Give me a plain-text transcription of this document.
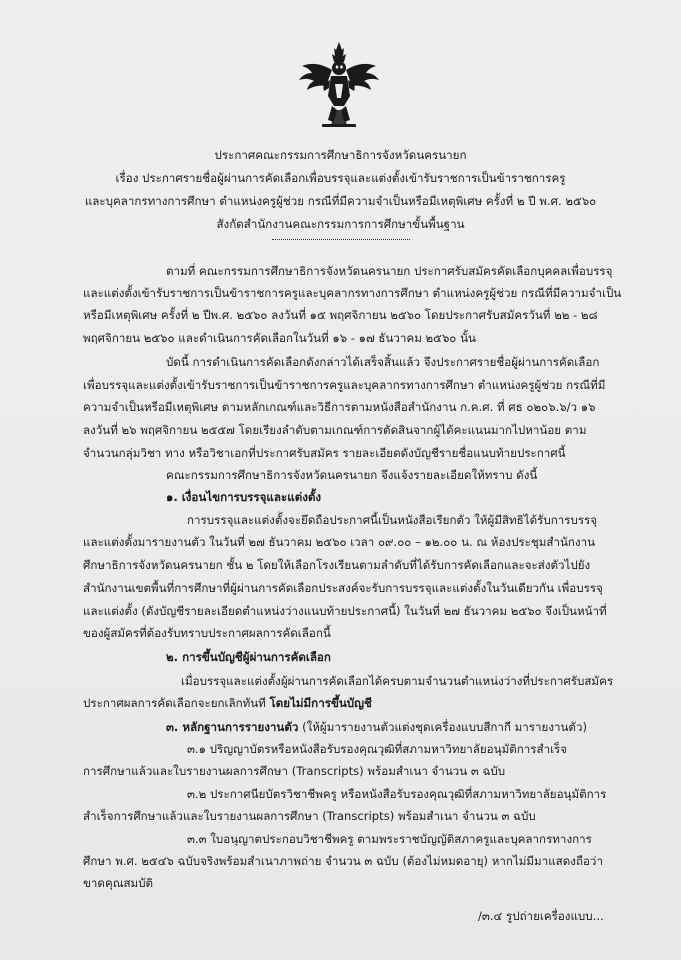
ประกาศคณะกรรมการศึกษาธิการจังหวัดนครนายก
เรื่อง ประกาศรายชื่อผู้ผ่านการคัดเลือกเพื่อบรรจุและแต่งตั้งเข้ารับราชการเป็นข้าราชการครู
และบุคลากรทางการศึกษา ตำแหน่งครูผู้ช่วย กรณีที่มีความจำเป็นหรือมีเหตุพิเศษ ครั้งที่ ๒ ปี พ.ศ. ๒๕๖๐
สังกัดสำนักงานคณะกรรมการการศึกษาขั้นพื้นฐาน
ตามที่ คณะกรรมการศึกษาธิการจังหวัดนครนายก ประกาศรับสมัครคัดเลือกบุคคลเพื่อบรรจุ
และแต่งตั้งเข้ารับราชการเป็นข้าราชการครูและบุคลากรทางการศึกษา ตำแหน่งครูผู้ช่วย กรณีที่มีความจำเป็น
หรือมีเหตุพิเศษ ครั้งที่ ๒ ปีพ.ศ. ๒๕๖๐ ลงวันที่ ๑๕ พฤศจิกายน ๒๕๖๐ โดยประกาศรับสมัครวันที่ ๒๒ - ๒๘
พฤศจิกายน ๒๕๖๐ และดำเนินการคัดเลือกในวันที่ ๑๖ - ๑๗ ธันวาคม ๒๕๖๐ นั้น
บัดนี้ การดำเนินการคัดเลือกดังกล่าวได้เสร็จสิ้นแล้ว จึงประกาศรายชื่อผู้ผ่านการคัดเลือก
เพื่อบรรจุและแต่งตั้งเข้ารับราชการเป็นข้าราชการครูและบุคลากรทางการศึกษา ตำแหน่งครูผู้ช่วย กรณีที่มี
ความจำเป็นหรือมีเหตุพิเศษ ตามหลักเกณฑ์และวิธีการตามหนังสือสำนักงาน ก.ค.ศ. ที่ ศธ ๐๒๐๖.๖/ว ๑๖
ลงวันที่ ๒๖ พฤศจิกายน ๒๕๕๗ โดยเรียงลำดับตามเกณฑ์การตัดสินจากผู้ได้คะแนนมากไปหาน้อย ตาม
จำนวนกลุ่มวิชา ทาง หรือวิชาเอกที่ประกาศรับสมัคร รายละเอียดดังบัญชีรายชื่อแนบท้ายประกาศนี้
คณะกรรมการศึกษาธิการจังหวัดนครนายก จึงแจ้งรายละเอียดให้ทราบ ดังนี้
๑. เงื่อนไขการบรรจุและแต่งตั้ง
การบรรจุและแต่งตั้งจะยึดถือประกาศนี้เป็นหนังสือเรียกตัว ให้ผู้มีสิทธิได้รับการบรรจุ
และแต่งตั้งมารายงานตัว ในวันที่ ๒๗ ธันวาคม ๒๕๖๐ เวลา ๐๙.๐๐ – ๑๒.๐๐ น. ณ ห้องประชุมสำนักงาน
ศึกษาธิการจังหวัดนครนายก ชั้น ๒ โดยให้เลือกโรงเรียนตามลำดับที่ได้รับการคัดเลือกและจะส่งตัวไปยัง
สำนักงานเขตพื้นที่การศึกษาที่ผู้ผ่านการคัดเลือกประสงค์จะรับการบรรจุและแต่งตั้งในวันเดียวกัน เพื่อบรรจุ
และแต่งตั้ง (ดังบัญชีรายละเอียดตำแหน่งว่างแนบท้ายประกาศนี้) ในวันที่ ๒๗ ธันวาคม ๒๕๖๐ จึงเป็นหน้าที่
ของผู้สมัครที่ต้องรับทราบประกาศผลการคัดเลือกนี้
๒. การขึ้นบัญชีผู้ผ่านการคัดเลือก
เมื่อบรรจุและแต่งตั้งผู้ผ่านการคัดเลือกได้ครบตามจำนวนตำแหน่งว่างที่ประกาศรับสมัคร
ประกาศผลการคัดเลือกจะยกเลิกทันที โดยไม่มีการขึ้นบัญชี
๓. หลักฐานการรายงานตัว (ให้ผู้มารายงานตัวแต่งชุดเครื่องแบบสีกากี มารายงานตัว)
๓.๑ ปริญญาบัตรหรือหนังสือรับรองคุณวุฒิที่สภามหาวิทยาลัยอนุมัติการสำเร็จ
การศึกษาแล้วและใบรายงานผลการศึกษา (Transcripts) พร้อมสำเนา จำนวน ๓ ฉบับ
๓.๒ ประกาศนียบัตรวิชาชีพครู หรือหนังสือรับรองคุณวุฒิที่สภามหาวิทยาลัยอนุมัติการ
สำเร็จการศึกษาแล้วและใบรายงานผลการศึกษา (Transcripts) พร้อมสำเนา จำนวน ๓ ฉบับ
๓.๓ ใบอนุญาตประกอบวิชาชีพครู ตามพระราชบัญญัติสภาครูและบุคลากรทางการ
ศึกษา พ.ศ. ๒๕๔๖ ฉบับจริงพร้อมสำเนาภาพถ่าย จำนวน ๓ ฉบับ (ต้องไม่หมดอายุ) หากไม่มีมาแสดงถือว่า
ขาดคุณสมบัติ
/๓.๔ รูปถ่ายเครื่องแบบ...
